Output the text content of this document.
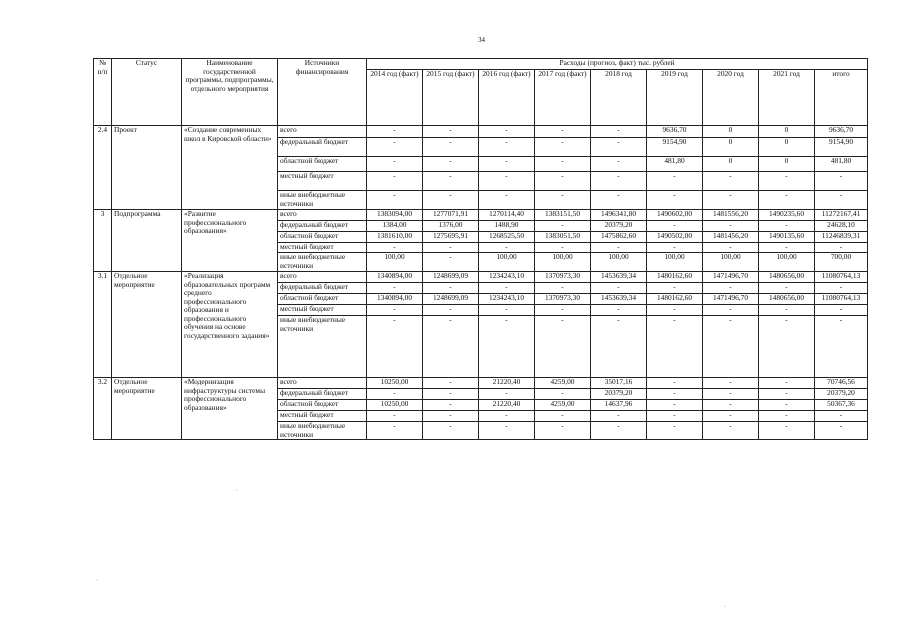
34
№ п/п	Статус	Наименование государственной программы, подпрограммы, отдельного мероприятия	Источники финансирования	Расходы (прогноз, факт) тыс. рублей								
				2014 год (факт)	2015 год (факт)	2016 год (факт)	2017 год (факт)	2018 год	2019 год	2020 год	2021 год	итого
2.4	Проект	«Создание современных школ в Кировской области»	всего	-	-	-	-	-	9636,70	0	0	9636,70
			федеральный бюджет	-	-	-	-	-	9154,90	0	0	9154,90
			областной бюджет	-	-	-	-	-	481,80	0	0	481,80
			местный бюджет	-	-	-	-	-	-	-	-	-
			иные внебюджетные источники	-	-	-	-	-	-	-	-	-
3	Подпрограмма	«Развитие профессионального образования»	всего	1383094,00	1277071,91	1270114,40	1383151,50	1496341,80	1490602,00	1481556,20	1490235,60	11272167,41
			федеральный бюджет	1384,00	1376,00	1488,90	-	20379,20	-	-	-	24628,10
			областной бюджет	1381610,00	1275695,91	1268525,50	1383051,50	1475862,60	1490502,00	1481456,20	1490135,60	11246839,31
			местный бюджет	-	-	-	-	-	-	-	-	-
			иные внебюджетные источники	100,00	-	100,00	100,00	100,00	100,00	100,00	100,00	700,00
3.1	Отдельное мероприятие	«Реализация образовательных программ среднего профессионального образования и профессионального обучения на основе государственного задания»	всего	1340894,00	1248699,09	1234243,10	1370973,30	1453639,34	1480162,60	1471496,70	1480656,00	11080764,13
			федеральный бюджет	-	-	-	-	-	-	-	-	-
			областной бюджет	1340894,00	1248699,09	1234243,10	1370973,30	1453639,34	1480162,60	1471496,70	1480656,00	11080764,13
			местный бюджет	-	-	-	-	-	-	-	-	-
			иные внебюджетные источники	-	-	-	-	-	-	-	-	-
3.2	Отдельное мероприятие	«Модернизация инфраструктуры системы профессионального образования»	всего	10250,00	-	21220,40	4259,00	35017,16	-	-	-	70746,56
			федеральный бюджет	-	-	-	-	20379,20	-	-	-	20379,20
			областной бюджет	10250,00	-	21220,40	4259,00	14637,96	-	-	-	50367,36
			местный бюджет	-	-	-	-	-	-	-	-	-
			иные внебюджетные источники	-	-	-	-	-	-	-	-	-
·
·
·
